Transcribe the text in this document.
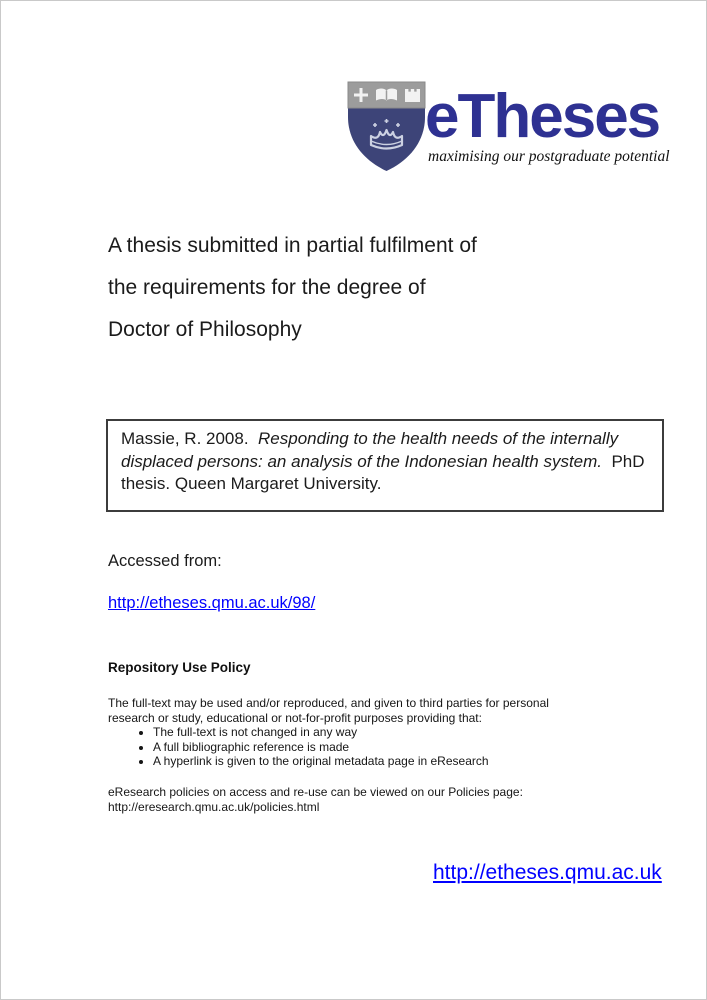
eTheses
maximising our postgraduate potential
A thesis submitted in partial fulfilment of
the requirements for the degree of
Doctor of Philosophy
Massie, R. 2008.  Responding to the health needs of the internally displaced persons: an analysis of the Indonesian health system.  PhD thesis. Queen Margaret University.
Accessed from:
http://etheses.qmu.ac.uk/98/
Repository Use Policy
The full-text may be used and/or reproduced, and given to third parties for personal
research or study, educational or not-for-profit purposes providing that:
• The full-text is not changed in any way
• A full bibliographic reference is made
• A hyperlink is given to the original metadata page in eResearch
eResearch policies on access and re-use can be viewed on our Policies page:
http://eresearch.qmu.ac.uk/policies.html
http://etheses.qmu.ac.uk
